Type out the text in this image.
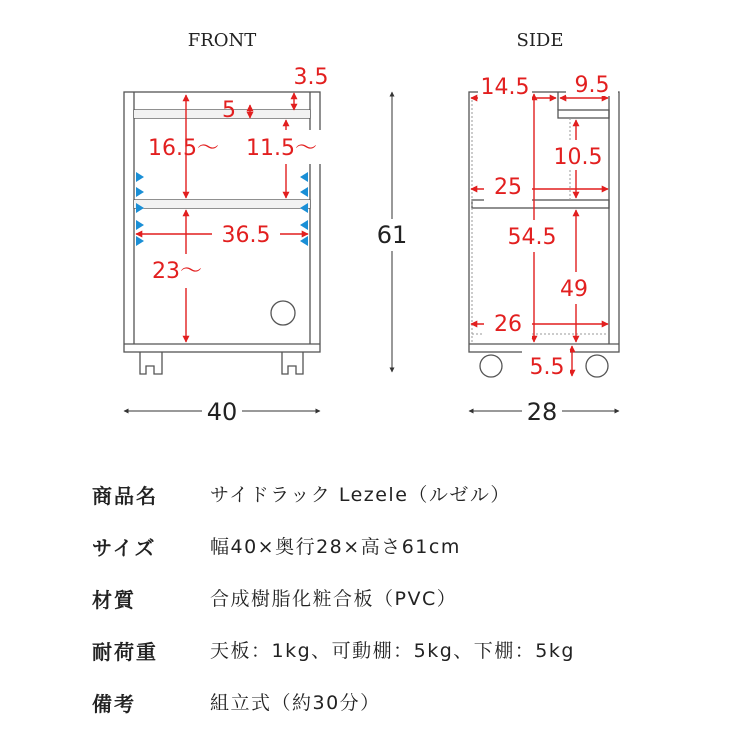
FRONT
3.5
5
16.5〜 11.5〜
36.5
23〜
40
61
SIDE
14.5 9.5
10.5
25
54.5
49
26
5.5
28
商品名	サイドラック Lezele（ルゼル）
サイズ	幅40×奥行28×高さ61cm
材質	合成樹脂化粧合板（PVC）
耐荷重	天板：1kg、可動棚：5kg、下棚：5kg
備考	組立式（約30分）
